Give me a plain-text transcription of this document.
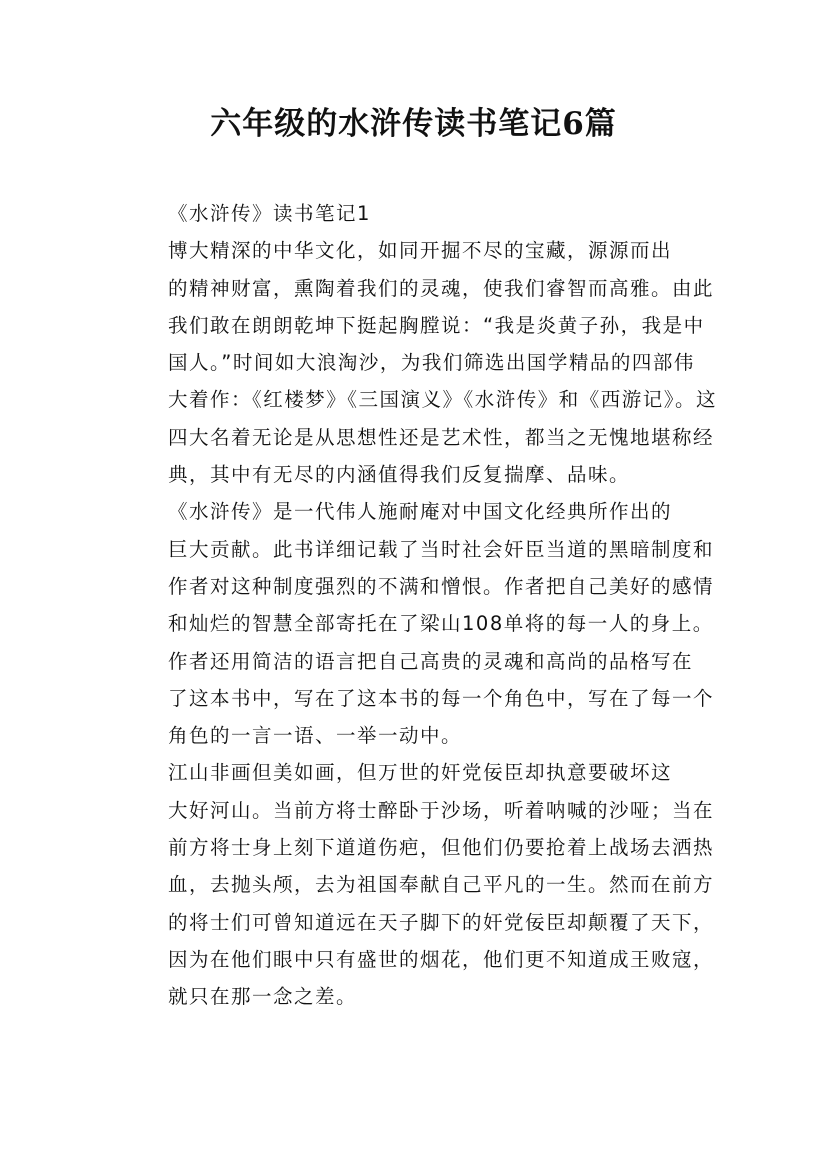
六年级的水浒传读书笔记6篇
《水浒传》读书笔记1

博大精深的中华文化，如同开掘不尽的宝藏，源源而出
的精神财富，熏陶着我们的灵魂，使我们睿智而高雅。由此
我们敢在朗朗乾坤下挺起胸膛说：“我是炎黄子孙，我是中
国人。”时间如大浪淘沙，为我们筛选出国学精品的四部伟
大着作：《红楼梦》《三国演义》《水浒传》和《西游记》。这
四大名着无论是从思想性还是艺术性，都当之无愧地堪称经
典，其中有无尽的内涵值得我们反复揣摩、品味。

《水浒传》是一代伟人施耐庵对中国文化经典所作出的
巨大贡献。此书详细记载了当时社会奸臣当道的黑暗制度和
作者对这种制度强烈的不满和憎恨。作者把自己美好的感情
和灿烂的智慧全部寄托在了梁山108单将的每一人的身上。
作者还用简洁的语言把自己高贵的灵魂和高尚的品格写在
了这本书中，写在了这本书的每一个角色中，写在了每一个
角色的一言一语、一举一动中。

江山非画但美如画，但万世的奸党佞臣却执意要破坏这
大好河山。当前方将士醉卧于沙场，听着呐喊的沙哑；当在
前方将士身上刻下道道伤疤，但他们仍要抢着上战场去洒热
血，去抛头颅，去为祖国奉献自己平凡的一生。然而在前方
的将士们可曾知道远在天子脚下的奸党佞臣却颠覆了天下，
因为在他们眼中只有盛世的烟花，他们更不知道成王败寇，
就只在那一念之差。
